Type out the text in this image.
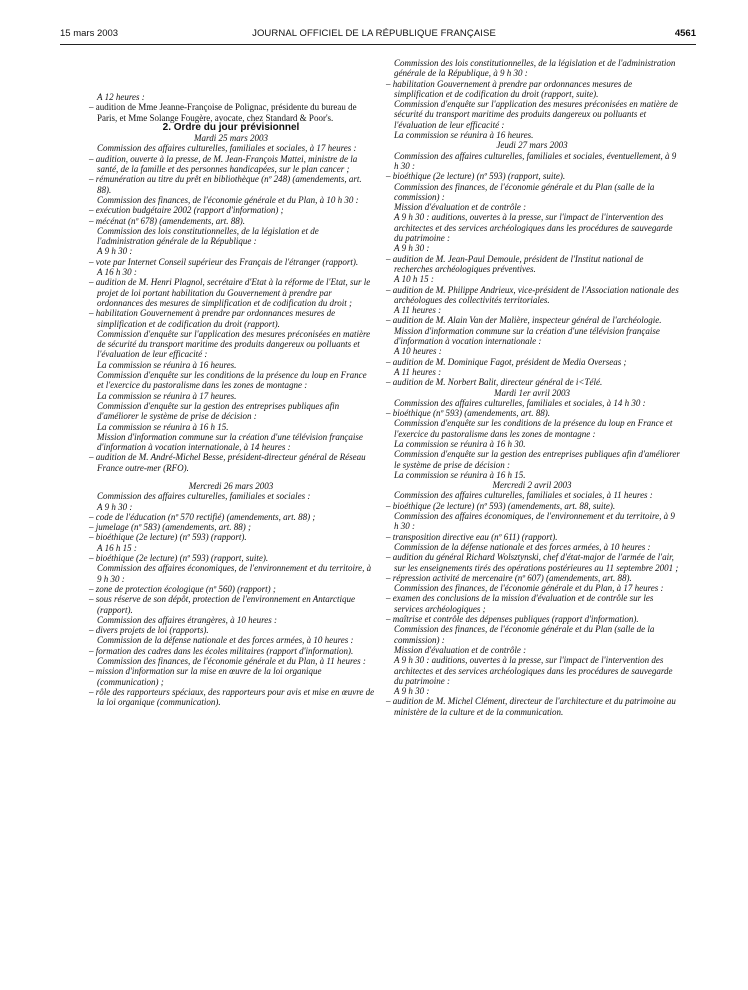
15 mars 2003	JOURNAL OFFICIEL DE LA RÉPUBLIQUE FRANÇAISE	4561

A 12 heures :

– audition de Mme Jeanne-Françoise de Polignac, présidente du bureau de Paris, et Mme Solange Fougère, avocate, chez Standard & Poor's.

2. Ordre du jour prévisionnel

Mardi 25 mars 2003

Commission des affaires culturelles, familiales et sociales, à 17 heures :

– audition, ouverte à la presse, de M. Jean-François Mattei, ministre de la santé, de la famille et des personnes handicapées, sur le plan cancer ;

– rémunération au titre du prêt en bibliothèque (nº 248) (amendements, art. 88).

Commission des finances, de l'économie générale et du Plan, à 10 h 30 :

– exécution budgétaire 2002 (rapport d'information) ;

– mécénat (nº 678) (amendements, art. 88).

Commission des lois constitutionnelles, de la législation et de l'administration générale de la République :

A 9 h 30 :

– vote par Internet Conseil supérieur des Français de l'étranger (rapport).

A 16 h 30 :

– audition de M. Henri Plagnol, secrétaire d'Etat à la réforme de l'Etat, sur le projet de loi portant habilitation du Gouvernement à prendre par ordonnances des mesures de simplification et de codification du droit ;

– habilitation Gouvernement à prendre par ordonnances mesures de simplification et de codification du droit (rapport).

Commission d'enquête sur l'application des mesures préconisées en matière de sécurité du transport maritime des produits dangereux ou polluants et l'évaluation de leur efficacité :

La commission se réunira à 16 heures.

Commission d'enquête sur les conditions de la présence du loup en France et l'exercice du pastoralisme dans les zones de montagne :

La commission se réunira à 17 heures.

Commission d'enquête sur la gestion des entreprises publiques afin d'améliorer le système de prise de décision :

La commission se réunira à 16 h 15.

Mission d'information commune sur la création d'une télévision française d'information à vocation internationale, à 14 heures :

– audition de M. André-Michel Besse, président-directeur général de Réseau France outre-mer (RFO).

Mercredi 26 mars 2003

Commission des affaires culturelles, familiales et sociales :

A 9 h 30 :

– code de l'éducation (nº 570 rectifié) (amendements, art. 88) ;

– jumelage (nº 583) (amendements, art. 88) ;

– bioéthique (2e lecture) (nº 593) (rapport).

A 16 h 15 :

– bioéthique (2e lecture) (nº 593) (rapport, suite).

Commission des affaires économiques, de l'environnement et du territoire, à 9 h 30 :

– zone de protection écologique (nº 560) (rapport) ;

– sous réserve de son dépôt, protection de l'environnement en Antarctique (rapport).

Commission des affaires étrangères, à 10 heures :

– divers projets de loi (rapports).

Commission de la défense nationale et des forces armées, à 10 heures :

– formation des cadres dans les écoles militaires (rapport d'information).

Commission des finances, de l'économie générale et du Plan, à 11 heures :

– mission d'information sur la mise en œuvre de la loi organique (communication) ;

– rôle des rapporteurs spéciaux, des rapporteurs pour avis et mise en œuvre de la loi organique (communication).

Commission des lois constitutionnelles, de la législation et de l'administration générale de la République, à 9 h 30 :

– habilitation Gouvernement à prendre par ordonnances mesures de simplification et de codification du droit (rapport, suite).

Commission d'enquête sur l'application des mesures préconisées en matière de sécurité du transport maritime des produits dangereux ou polluants et l'évaluation de leur efficacité :

La commission se réunira à 16 heures.

Jeudi 27 mars 2003

Commission des affaires culturelles, familiales et sociales, éventuellement, à 9 h 30 :

– bioéthique (2e lecture) (nº 593) (rapport, suite).

Commission des finances, de l'économie générale et du Plan (salle de la commission) :

Mission d'évaluation et de contrôle :

A 9 h 30 : auditions, ouvertes à la presse, sur l'impact de l'intervention des architectes et des services archéologiques dans les procédures de sauvegarde du patrimoine :

A 9 h 30 :

– audition de M. Jean-Paul Demoule, président de l'Institut national de recherches archéologiques préventives.

A 10 h 15 :

– audition de M. Philippe Andrieux, vice-président de l'Association nationale des archéologues des collectivités territoriales.

A 11 heures :

– audition de M. Alain Van der Malière, inspecteur général de l'archéologie.

Mission d'information commune sur la création d'une télévision française d'information à vocation internationale :

A 10 heures :

– audition de M. Dominique Fagot, président de Media Overseas ;

A 11 heures :

– audition de M. Norbert Balit, directeur général de i<Télé.

Mardi 1er avril 2003

Commission des affaires culturelles, familiales et sociales, à 14 h 30 :

– bioéthique (nº 593) (amendements, art. 88).

Commission d'enquête sur les conditions de la présence du loup en France et l'exercice du pastoralisme dans les zones de montagne :

La commission se réunira à 16 h 30.

Commission d'enquête sur la gestion des entreprises publiques afin d'améliorer le système de prise de décision :

La commission se réunira à 16 h 15.

Mercredi 2 avril 2003

Commission des affaires culturelles, familiales et sociales, à 11 heures :

– bioéthique (2e lecture) (nº 593) (amendements, art. 88, suite).

Commission des affaires économiques, de l'environnement et du territoire, à 9 h 30 :

– transposition directive eau (nº 611) (rapport).

Commission de la défense nationale et des forces armées, à 10 heures :

– audition du général Richard Wolsztynski, chef d'état-major de l'armée de l'air, sur les enseignements tirés des opérations postérieures au 11 septembre 2001 ;

– répression activité de mercenaire (nº 607) (amendements, art. 88).

Commission des finances, de l'économie générale et du Plan, à 17 heures :

– examen des conclusions de la mission d'évaluation et de contrôle sur les services archéologiques ;

– maîtrise et contrôle des dépenses publiques (rapport d'information).

Commission des finances, de l'économie générale et du Plan (salle de la commission) :

Mission d'évaluation et de contrôle :

A 9 h 30 : auditions, ouvertes à la presse, sur l'impact de l'intervention des architectes et des services archéologiques dans les procédures de sauvegarde du patrimoine :

A 9 h 30 :

– audition de M. Michel Clément, directeur de l'architecture et du patrimoine au ministère de la culture et de la communication.
